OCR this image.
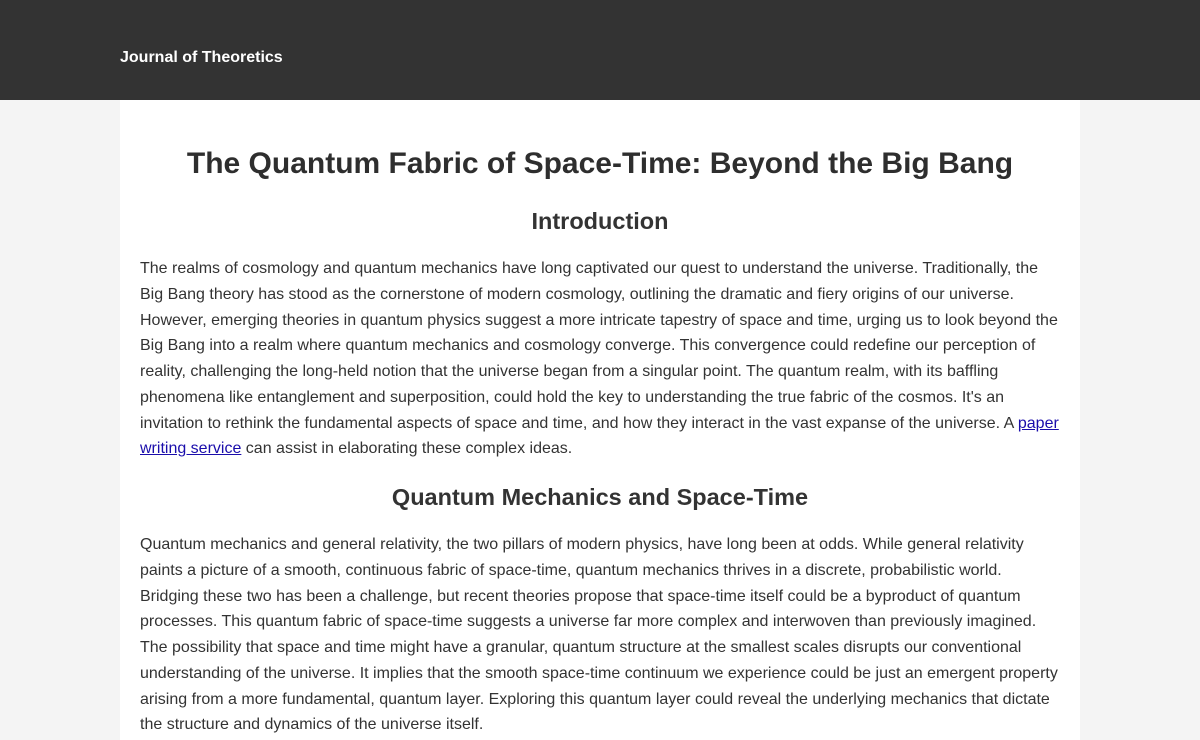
Journal of Theoretics
The Quantum Fabric of Space-Time: Beyond the Big Bang
Introduction

The realms of cosmology and quantum mechanics have long captivated our quest to understand the universe. Traditionally, the Big Bang theory has stood as the cornerstone of modern cosmology, outlining the dramatic and fiery origins of our universe. However, emerging theories in quantum physics suggest a more intricate tapestry of space and time, urging us to look beyond the Big Bang into a realm where quantum mechanics and cosmology converge. This convergence could redefine our perception of reality, challenging the long-held notion that the universe began from a singular point. The quantum realm, with its baffling phenomena like entanglement and superposition, could hold the key to understanding the true fabric of the cosmos. It's an invitation to rethink the fundamental aspects of space and time, and how they interact in the vast expanse of the universe. A paper writing service can assist in elaborating these complex ideas.

Quantum Mechanics and Space-Time

Quantum mechanics and general relativity, the two pillars of modern physics, have long been at odds. While general relativity paints a picture of a smooth, continuous fabric of space-time, quantum mechanics thrives in a discrete, probabilistic world. Bridging these two has been a challenge, but recent theories propose that space-time itself could be a byproduct of quantum processes. This quantum fabric of space-time suggests a universe far more complex and interwoven than previously imagined. The possibility that space and time might have a granular, quantum structure at the smallest scales disrupts our conventional understanding of the universe. It implies that the smooth space-time continuum we experience could be just an emergent property arising from a more fundamental, quantum layer. Exploring this quantum layer could reveal the underlying mechanics that dictate the structure and dynamics of the universe itself.
